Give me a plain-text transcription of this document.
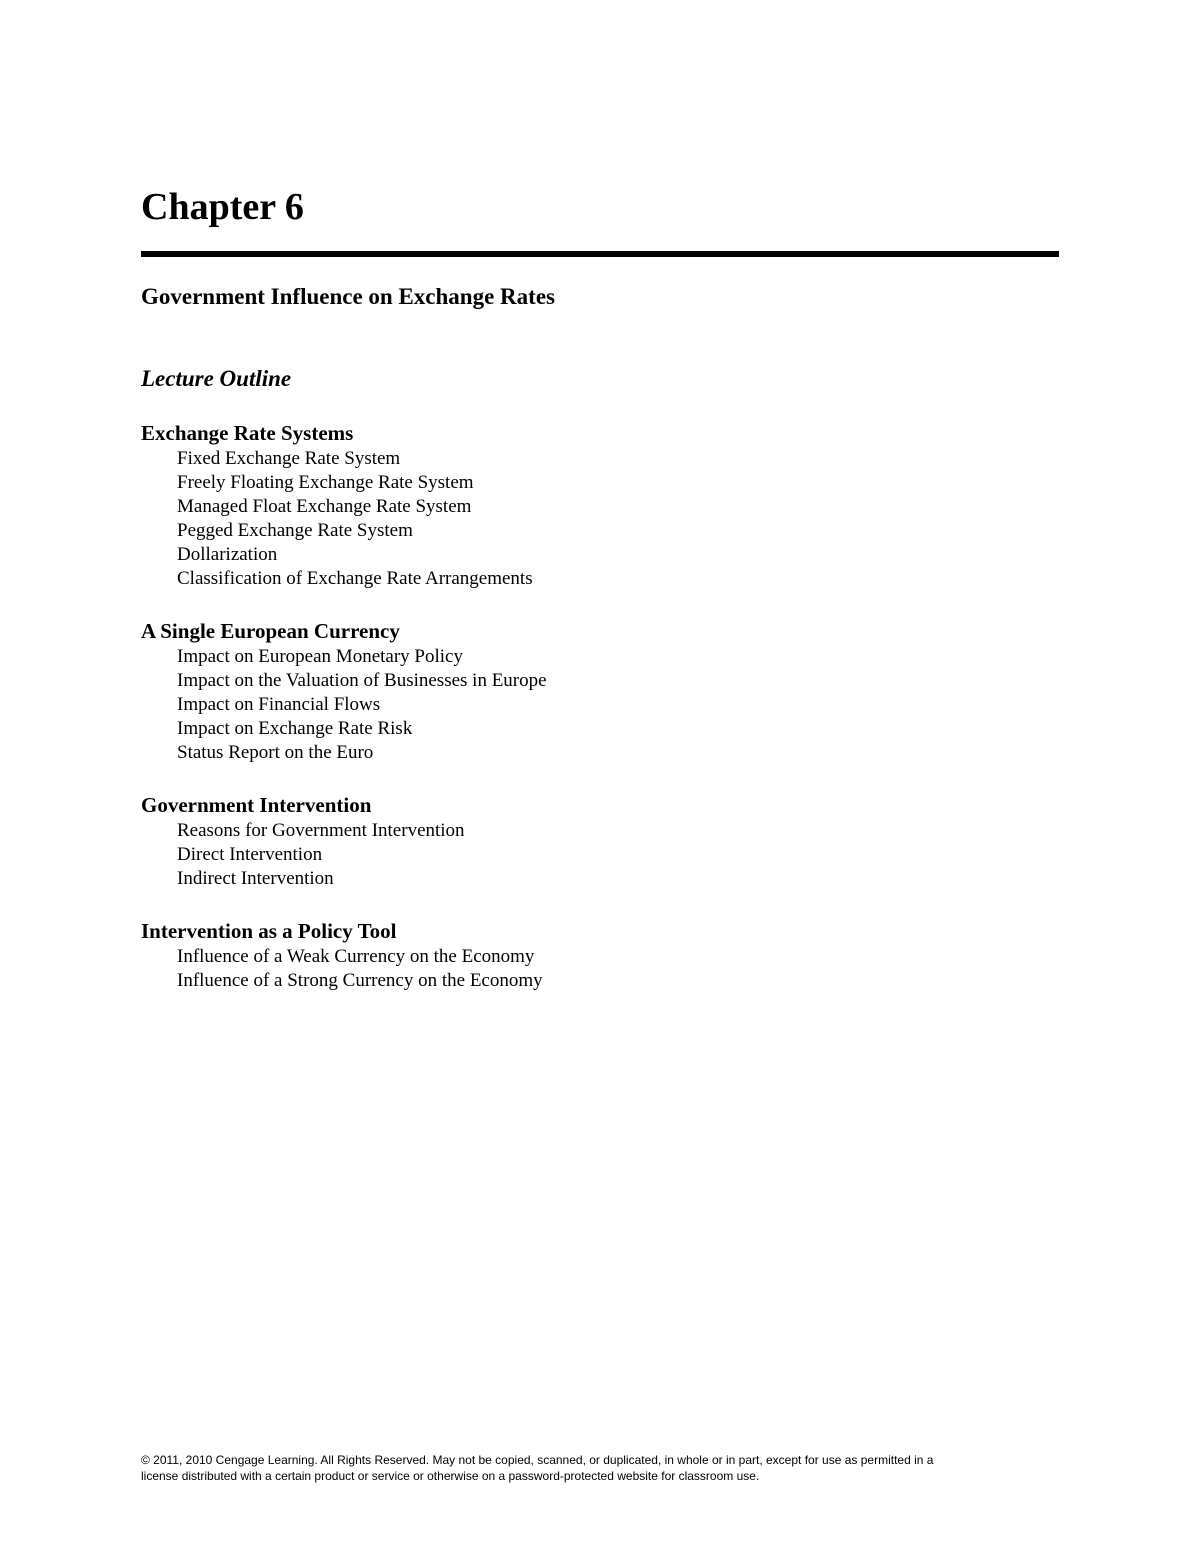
Chapter 6
Government Influence on Exchange Rates
Lecture Outline
Exchange Rate Systems
Fixed Exchange Rate System
Freely Floating Exchange Rate System
Managed Float Exchange Rate System
Pegged Exchange Rate System
Dollarization
Classification of Exchange Rate Arrangements
A Single European Currency
Impact on European Monetary Policy
Impact on the Valuation of Businesses in Europe
Impact on Financial Flows
Impact on Exchange Rate Risk
Status Report on the Euro
Government Intervention
Reasons for Government Intervention
Direct Intervention
Indirect Intervention
Intervention as a Policy Tool
Influence of a Weak Currency on the Economy
Influence of a Strong Currency on the Economy
© 2011, 2010 Cengage Learning. All Rights Reserved. May not be copied, scanned, or duplicated, in whole or in part, except for use as permitted in a
license distributed with a certain product or service or otherwise on a password-protected website for classroom use.
